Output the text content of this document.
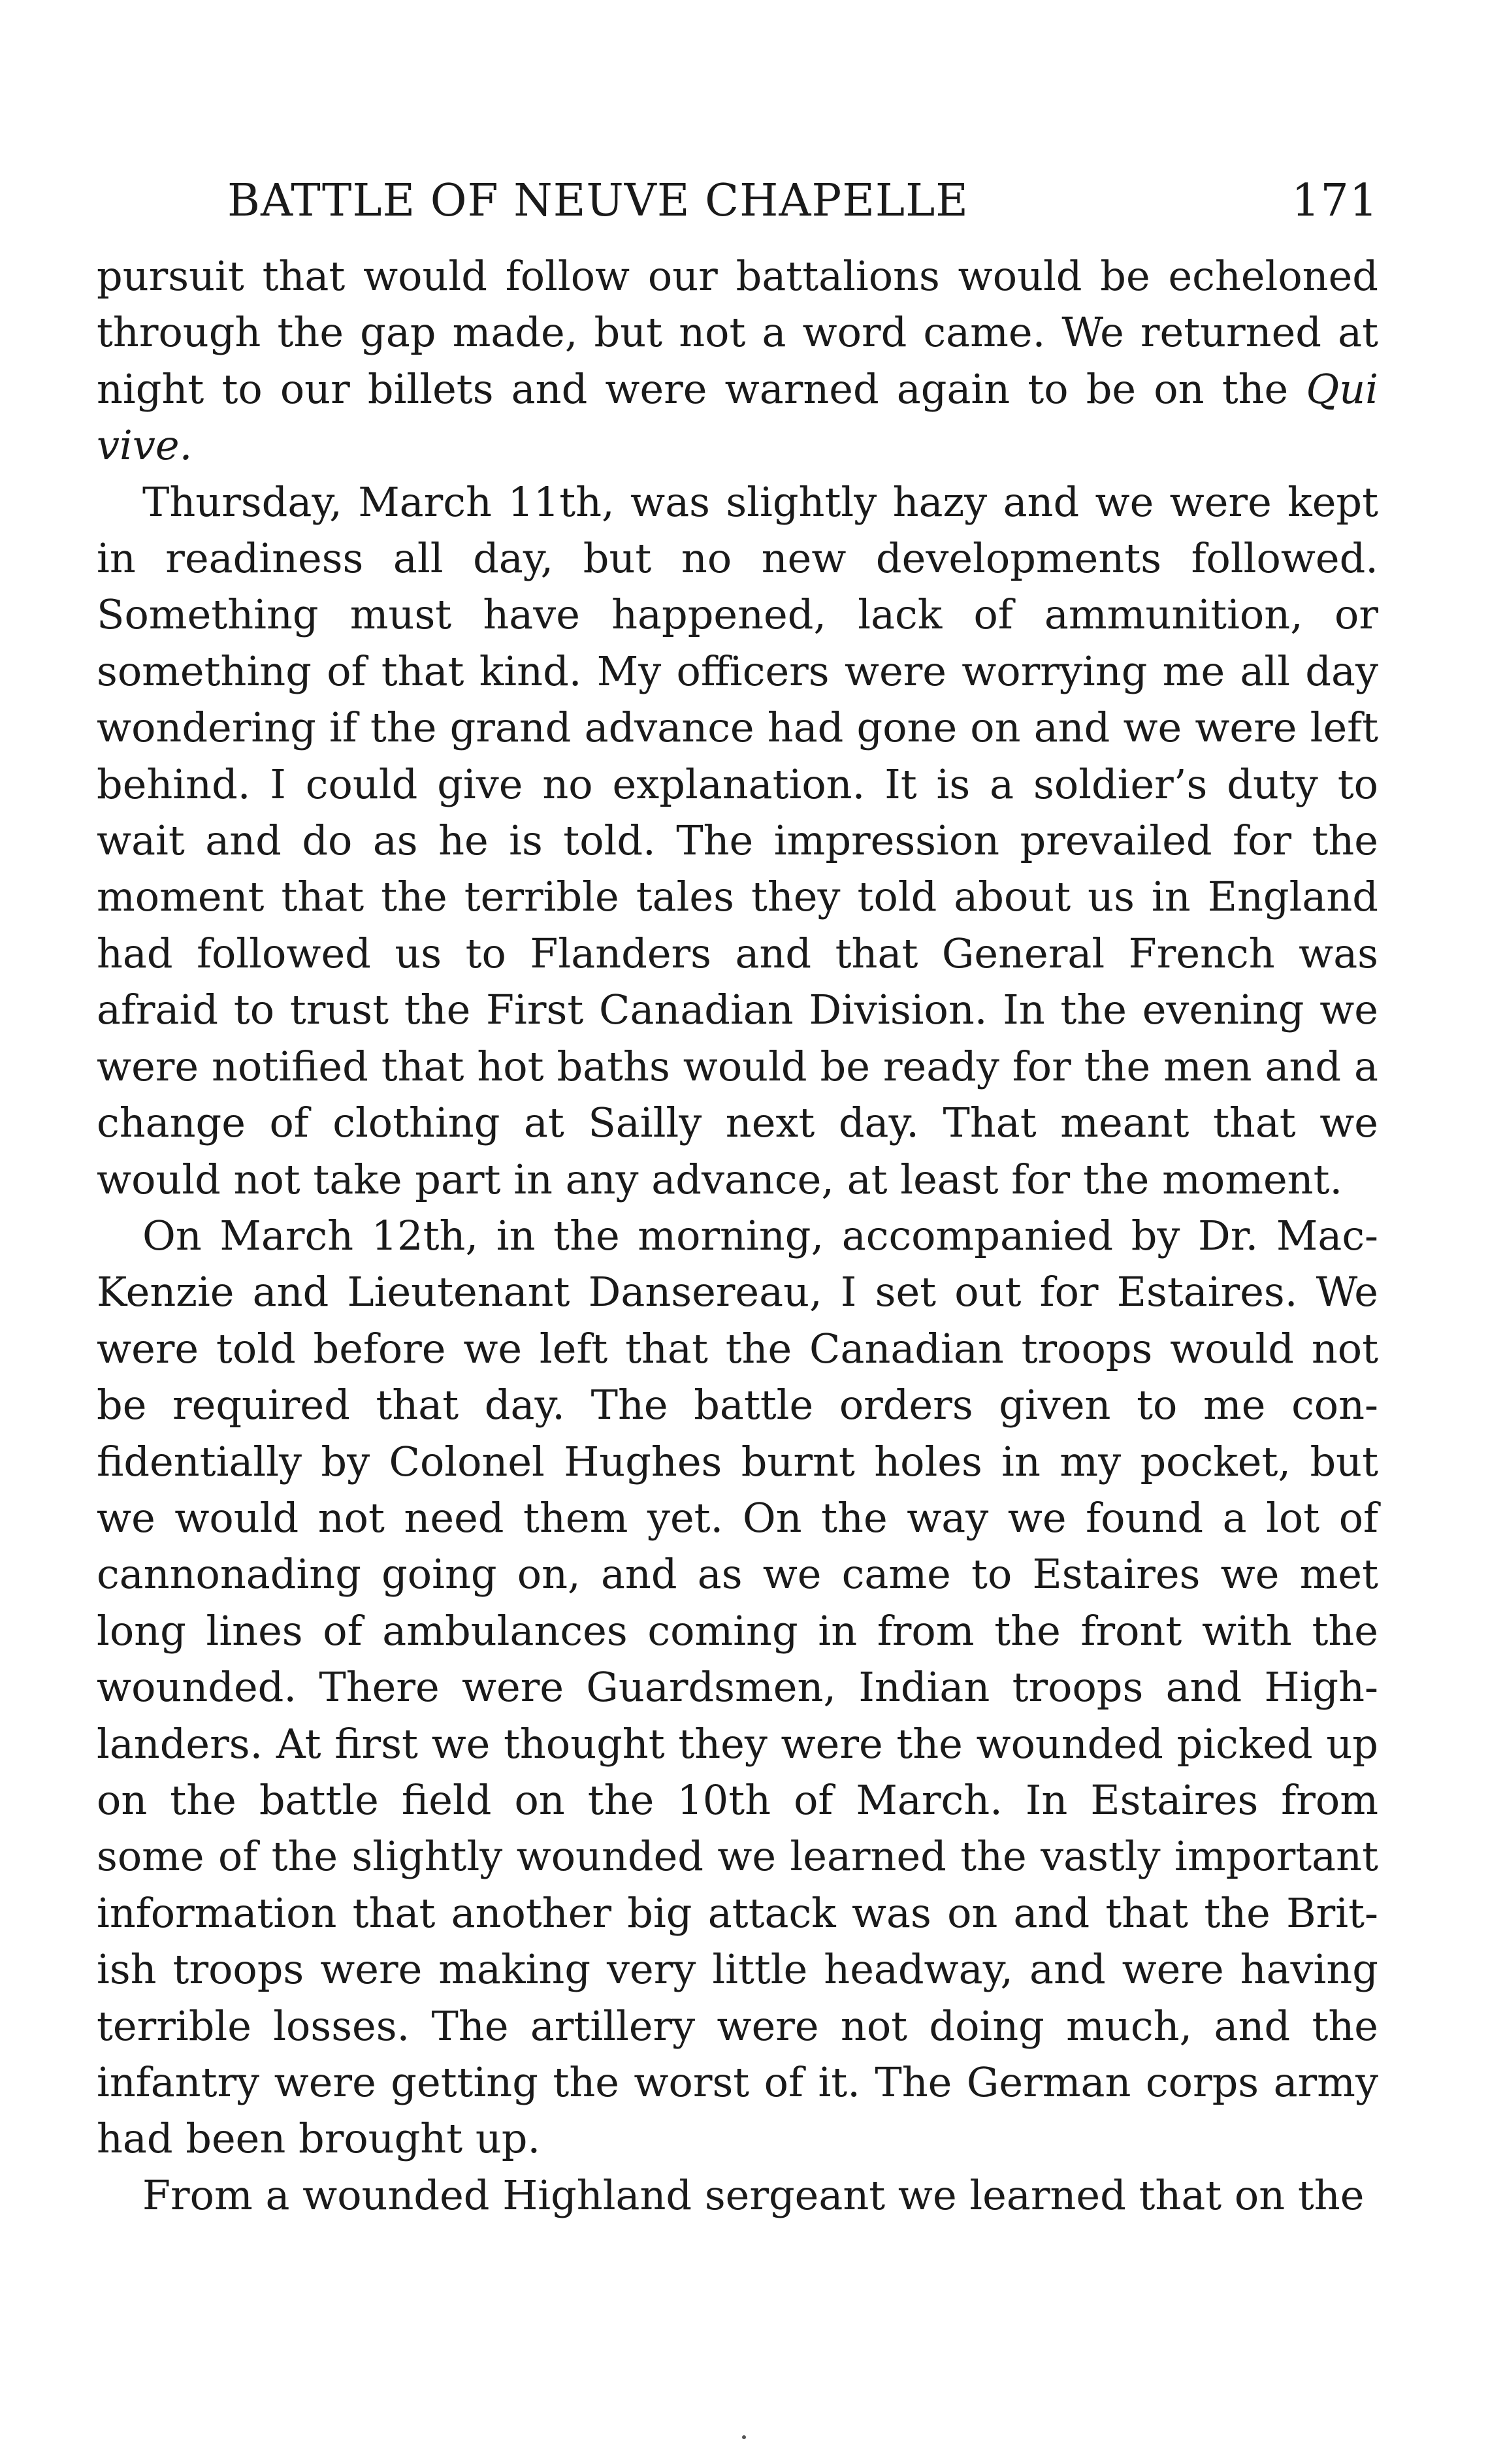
BATTLE OF NEUVE CHAPELLE	171

pursuit that would follow our battalions would be echeloned through the gap made, but not a word came. We returned at night to our billets and were warned again to be on the Qui vive.

Thursday, March 11th, was slightly hazy and we were kept in readiness all day, but no new developments followed. Something must have happened, lack of ammunition, or something of that kind. My officers were worrying me all day wondering if the grand advance had gone on and we were left behind. I could give no explanation. It is a soldier’s duty to wait and do as he is told. The impression prevailed for the moment that the terrible tales they told about us in England had followed us to Flanders and that General French was afraid to trust the First Canadian Division. In the evening we were notified that hot baths would be ready for the men and a change of clothing at Sailly next day. That meant that we would not take part in any advance, at least for the moment.

On March 12th, in the morning, accompanied by Dr. Mac-Kenzie and Lieutenant Dansereau, I set out for Estaires. We were told before we left that the Canadian troops would not be required that day. The battle orders given to me con-fidentially by Colonel Hughes burnt holes in my pocket, but we would not need them yet. On the way we found a lot of cannonading going on, and as we came to Estaires we met long lines of ambulances coming in from the front with the wounded. There were Guardsmen, Indian troops and High-landers. At first we thought they were the wounded picked up on the battle field on the 10th of March. In Estaires from some of the slightly wounded we learned the vastly important information that another big attack was on and that the Brit-ish troops were making very little headway, and were having terrible losses. The artillery were not doing much, and the infantry were getting the worst of it. The German corps army had been brought up.

From a wounded Highland sergeant we learned that on the
